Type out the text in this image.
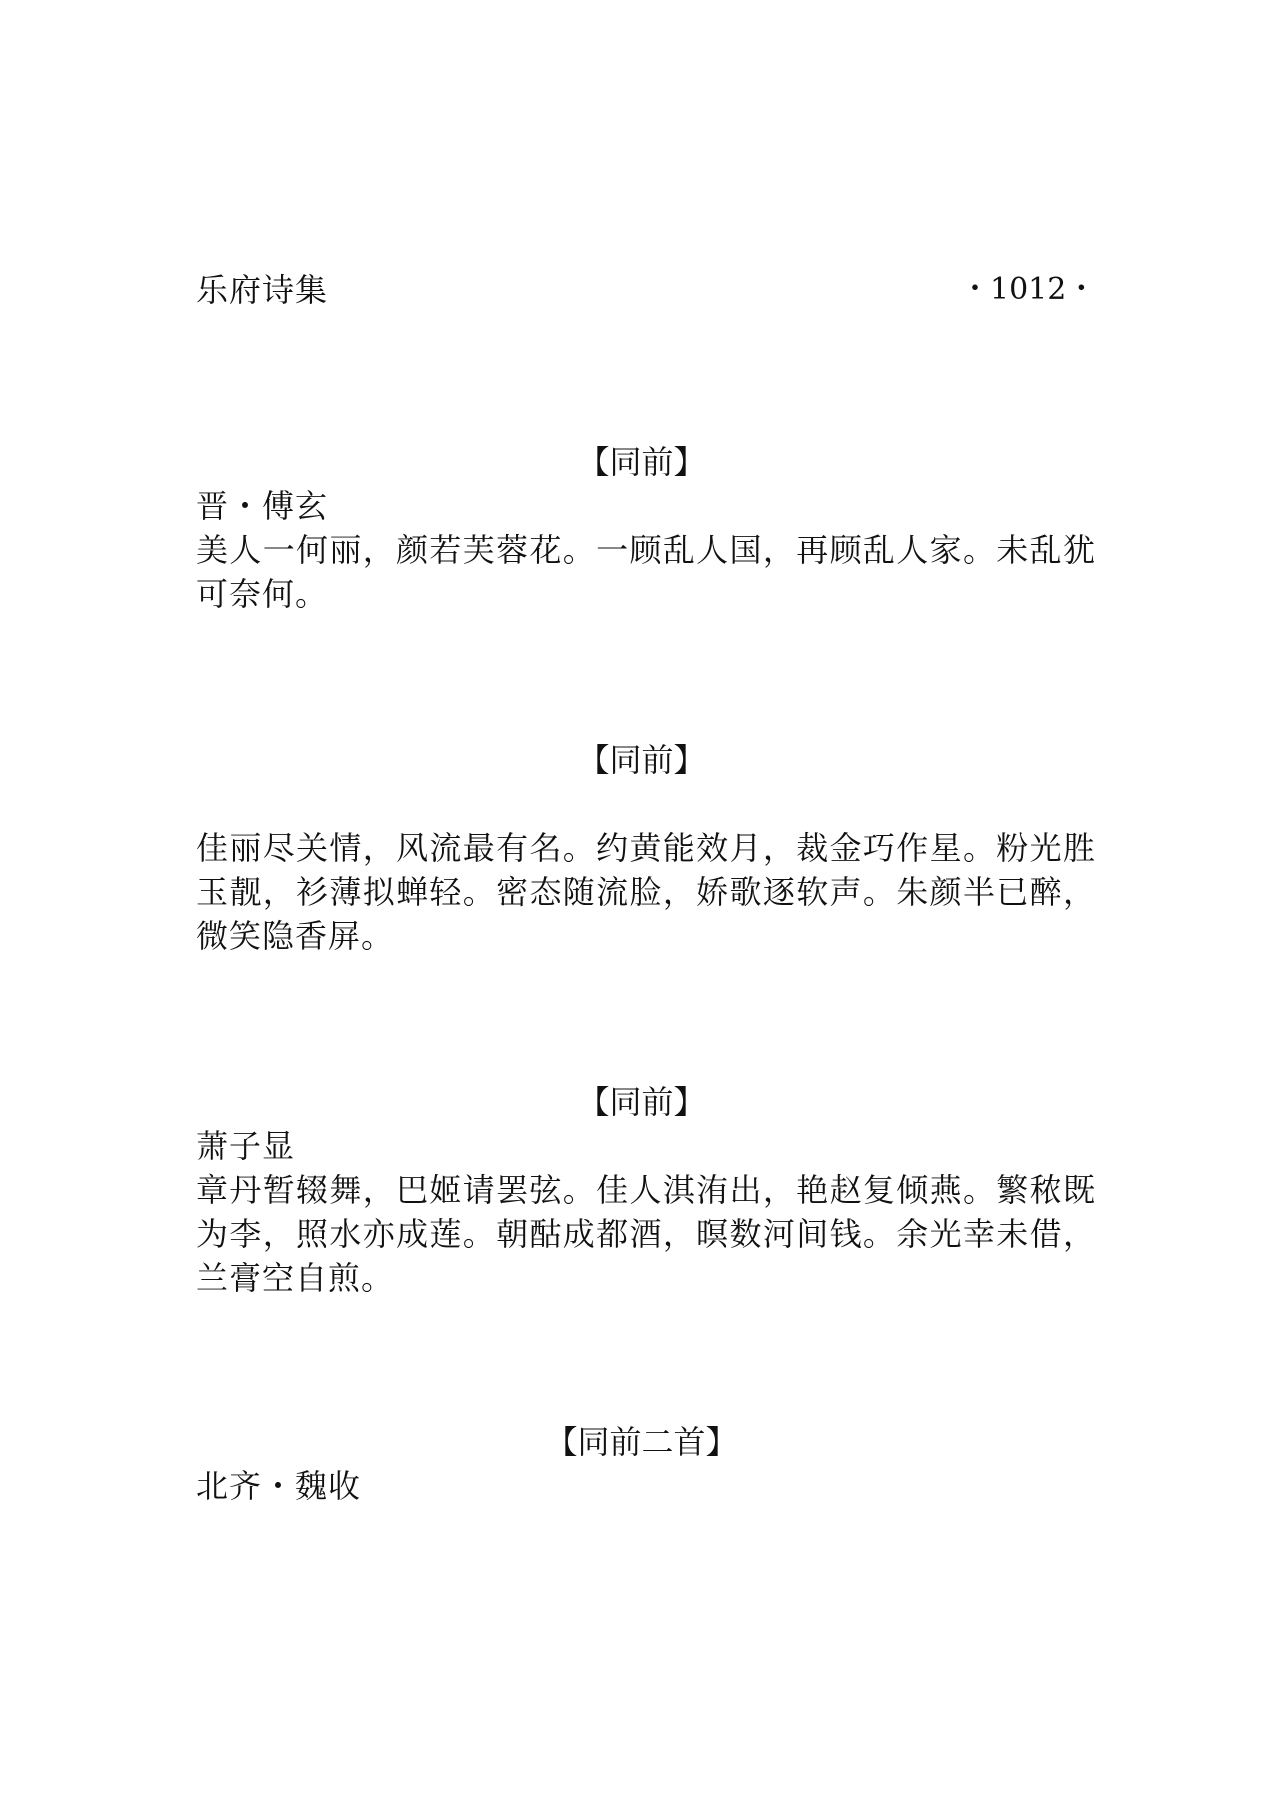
乐府诗集	・1012・
【同前】
晋・傅玄
美人一何丽，颜若芙蓉花。一顾乱人国，再顾乱人家。未乱犹可奈何。
【同前】
佳丽尽关情，风流最有名。约黄能效月，裁金巧作星。粉光胜玉靓，衫薄拟蝉轻。密态随流脸，娇歌逐软声。朱颜半已醉，微笑隐香屏。
【同前】
萧子显
章丹暂辍舞，巴姬请罢弦。佳人淇洧出，艳赵复倾燕。繁秾既为李，照水亦成莲。朝酤成都酒，暝数河间钱。余光幸未借，兰膏空自煎。
【同前二首】
北齐・魏收
